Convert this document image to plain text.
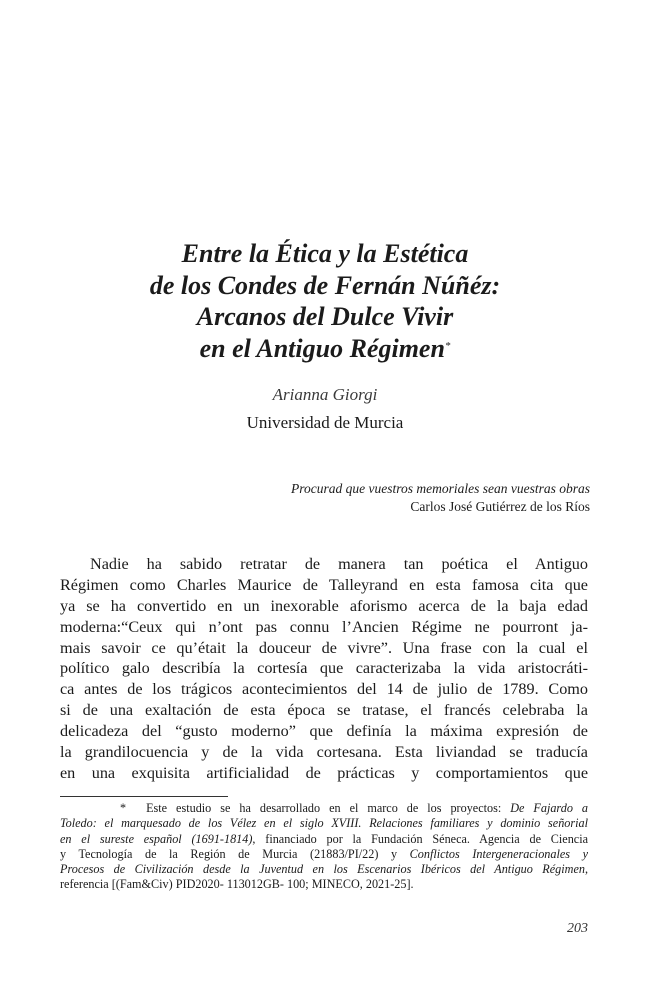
Entre la Ética y la Estética
de los Condes de Fernán Núñéz:
Arcanos del Dulce Vivir
en el Antiguo Régimen*
Arianna Giorgi
Universidad de Murcia
Procurad que vuestros memoriales sean vuestras obras
Carlos José Gutiérrez de los Ríos
Nadie ha sabido retratar de manera tan poética el Antiguo
Régimen como Charles Maurice de Talleyrand en esta famosa cita que
ya se ha convertido en un inexorable aforismo acerca de la baja edad
moderna:“Ceux qui n’ont pas connu l’Ancien Régime ne pourront ja-
mais savoir ce qu’était la douceur de vivre”. Una frase con la cual el
político galo describía la cortesía que caracterizaba la vida aristocráti-
ca antes de los trágicos acontecimientos del 14 de julio de 1789. Como
si de una exaltación de esta época se tratase, el francés celebraba la
delicadeza del “gusto moderno” que definía la máxima expresión de
la grandilocuencia y de la vida cortesana. Esta liviandad se traducía
en una exquisita artificialidad de prácticas y comportamientos que
* Este estudio se ha desarrollado en el marco de los proyectos: De Fajardo a
Toledo: el marquesado de los Vélez en el siglo XVIII. Relaciones familiares y dominio señorial
en el sureste español (1691-1814), financiado por la Fundación Séneca. Agencia de Ciencia
y Tecnología de la Región de Murcia (21883/PI/22) y Conflictos Intergeneracionales y
Procesos de Civilización desde la Juventud en los Escenarios Ibéricos del Antiguo Régimen,
referencia [(Fam&Civ) PID2020- 113012GB- 100; MINECO, 2021-25].
203
